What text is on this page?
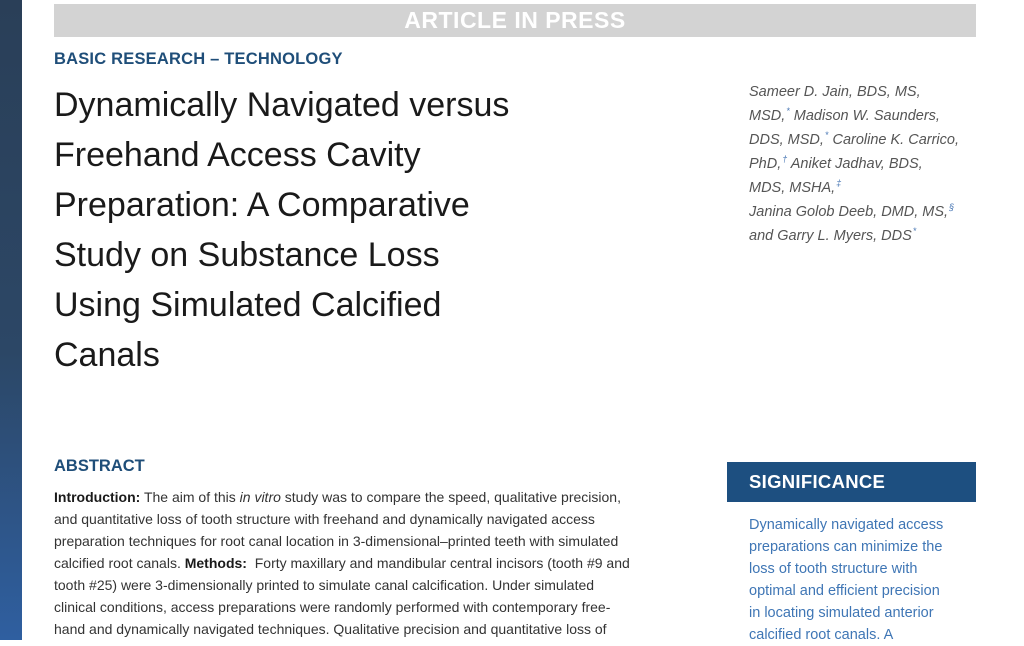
ARTICLE IN PRESS
BASIC RESEARCH – TECHNOLOGY
Dynamically Navigated versus
Freehand Access Cavity
Preparation: A Comparative
Study on Substance Loss
Using Simulated Calcified
Canals
Sameer D. Jain, BDS, MS,
MSD,* Madison W. Saunders,
DDS, MSD,* Caroline K. Carrico,
PhD,† Aniket Jadhav, BDS,
MDS, MSHA,‡
Janina Golob Deeb, DMD, MS,§
and Garry L. Myers, DDS*
ABSTRACT
Introduction: The aim of this in vitro study was to compare the speed, qualitative precision,
and quantitative loss of tooth structure with freehand and dynamically navigated access
preparation techniques for root canal location in 3-dimensional–printed teeth with simulated
calcified root canals. Methods:  Forty maxillary and mandibular central incisors (tooth #9 and
tooth #25) were 3-dimensionally printed to simulate canal calcification. Under simulated
clinical conditions, access preparations were randomly performed with contemporary free-
hand and dynamically navigated techniques. Qualitative precision and quantitative loss of
SIGNIFICANCE
Dynamically navigated access
preparations can minimize the
loss of tooth structure with
optimal and efficient precision
in locating simulated anterior
calcified root canals. A
